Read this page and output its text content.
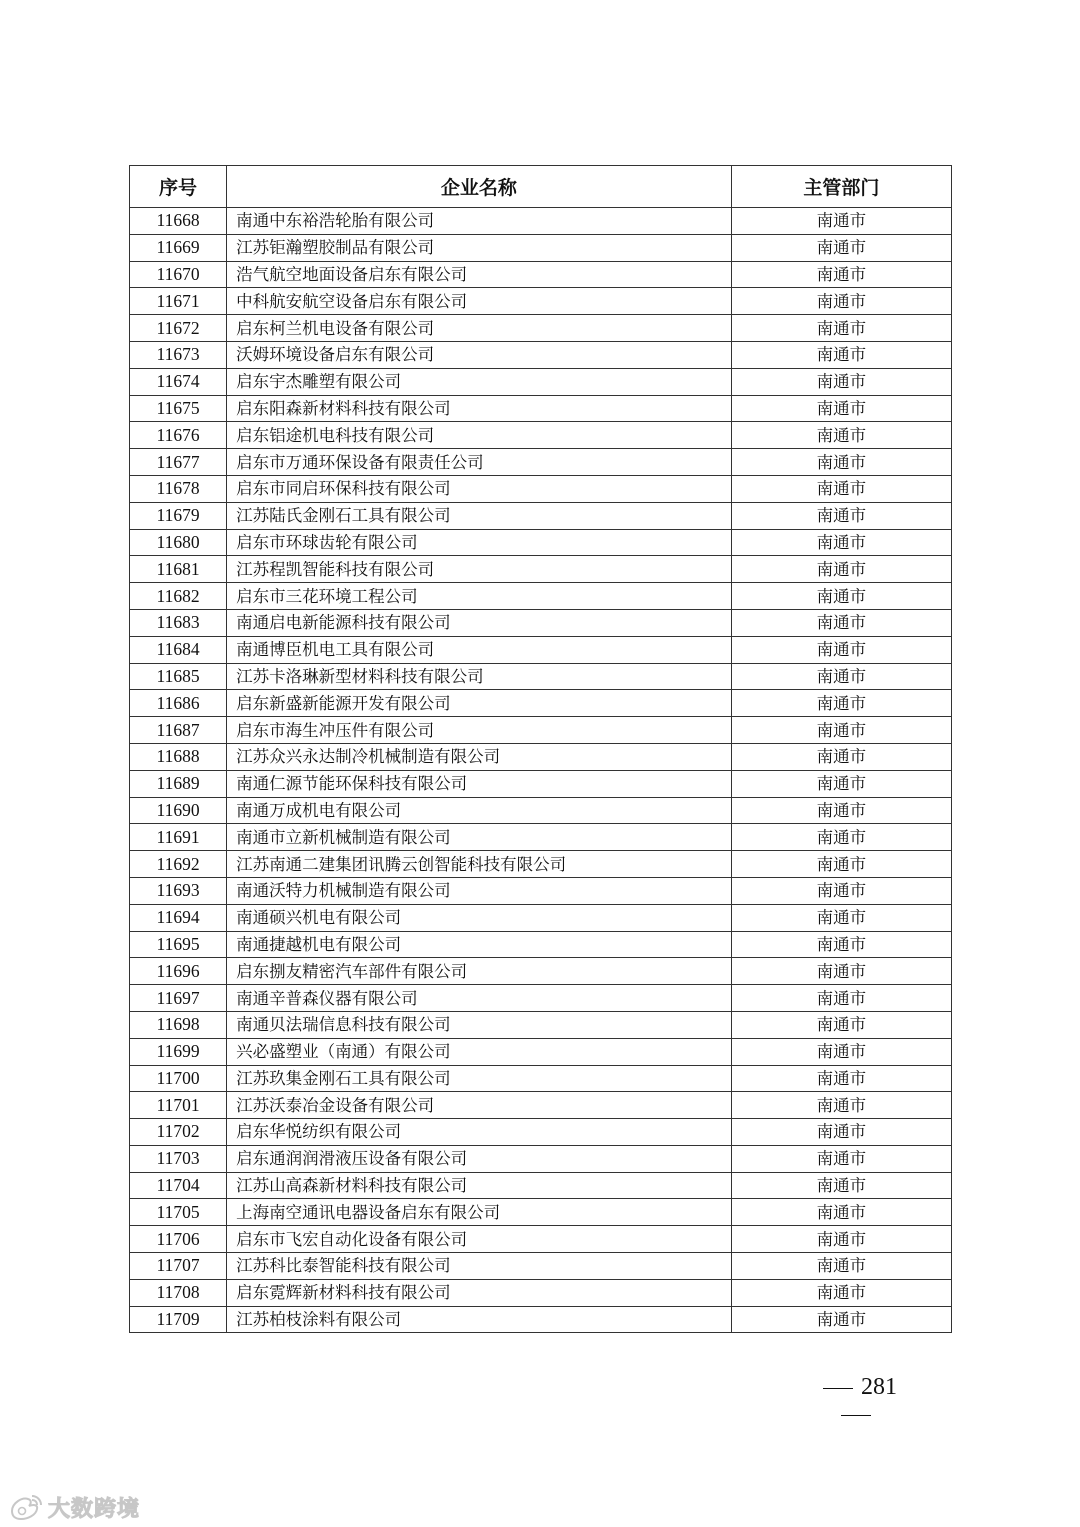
序号	企业名称	主管部门
11668	南通中东裕浩轮胎有限公司	南通市
11669	江苏钜瀚塑胶制品有限公司	南通市
11670	浩气航空地面设备启东有限公司	南通市
11671	中科航安航空设备启东有限公司	南通市
11672	启东柯兰机电设备有限公司	南通市
11673	沃姆环境设备启东有限公司	南通市
11674	启东宇杰雕塑有限公司	南通市
11675	启东阳森新材料科技有限公司	南通市
11676	启东铝途机电科技有限公司	南通市
11677	启东市万通环保设备有限责任公司	南通市
11678	启东市同启环保科技有限公司	南通市
11679	江苏陆氏金刚石工具有限公司	南通市
11680	启东市环球齿轮有限公司	南通市
11681	江苏程凯智能科技有限公司	南通市
11682	启东市三花环境工程公司	南通市
11683	南通启电新能源科技有限公司	南通市
11684	南通博臣机电工具有限公司	南通市
11685	江苏卡洛琳新型材料科技有限公司	南通市
11686	启东新盛新能源开发有限公司	南通市
11687	启东市海生冲压件有限公司	南通市
11688	江苏众兴永达制冷机械制造有限公司	南通市
11689	南通仁源节能环保科技有限公司	南通市
11690	南通万成机电有限公司	南通市
11691	南通市立新机械制造有限公司	南通市
11692	江苏南通二建集团讯腾云创智能科技有限公司	南通市
11693	南通沃特力机械制造有限公司	南通市
11694	南通硕兴机电有限公司	南通市
11695	南通捷越机电有限公司	南通市
11696	启东捌友精密汽车部件有限公司	南通市
11697	南通辛普森仪器有限公司	南通市
11698	南通贝法瑞信息科技有限公司	南通市
11699	兴必盛塑业（南通）有限公司	南通市
11700	江苏玖集金刚石工具有限公司	南通市
11701	江苏沃泰冶金设备有限公司	南通市
11702	启东华悦纺织有限公司	南通市
11703	启东通润润滑液压设备有限公司	南通市
11704	江苏山高森新材料科技有限公司	南通市
11705	上海南空通讯电器设备启东有限公司	南通市
11706	启东市飞宏自动化设备有限公司	南通市
11707	江苏科比泰智能科技有限公司	南通市
11708	启东霓辉新材料科技有限公司	南通市
11709	江苏柏枝涂料有限公司	南通市
281
大数跨境
